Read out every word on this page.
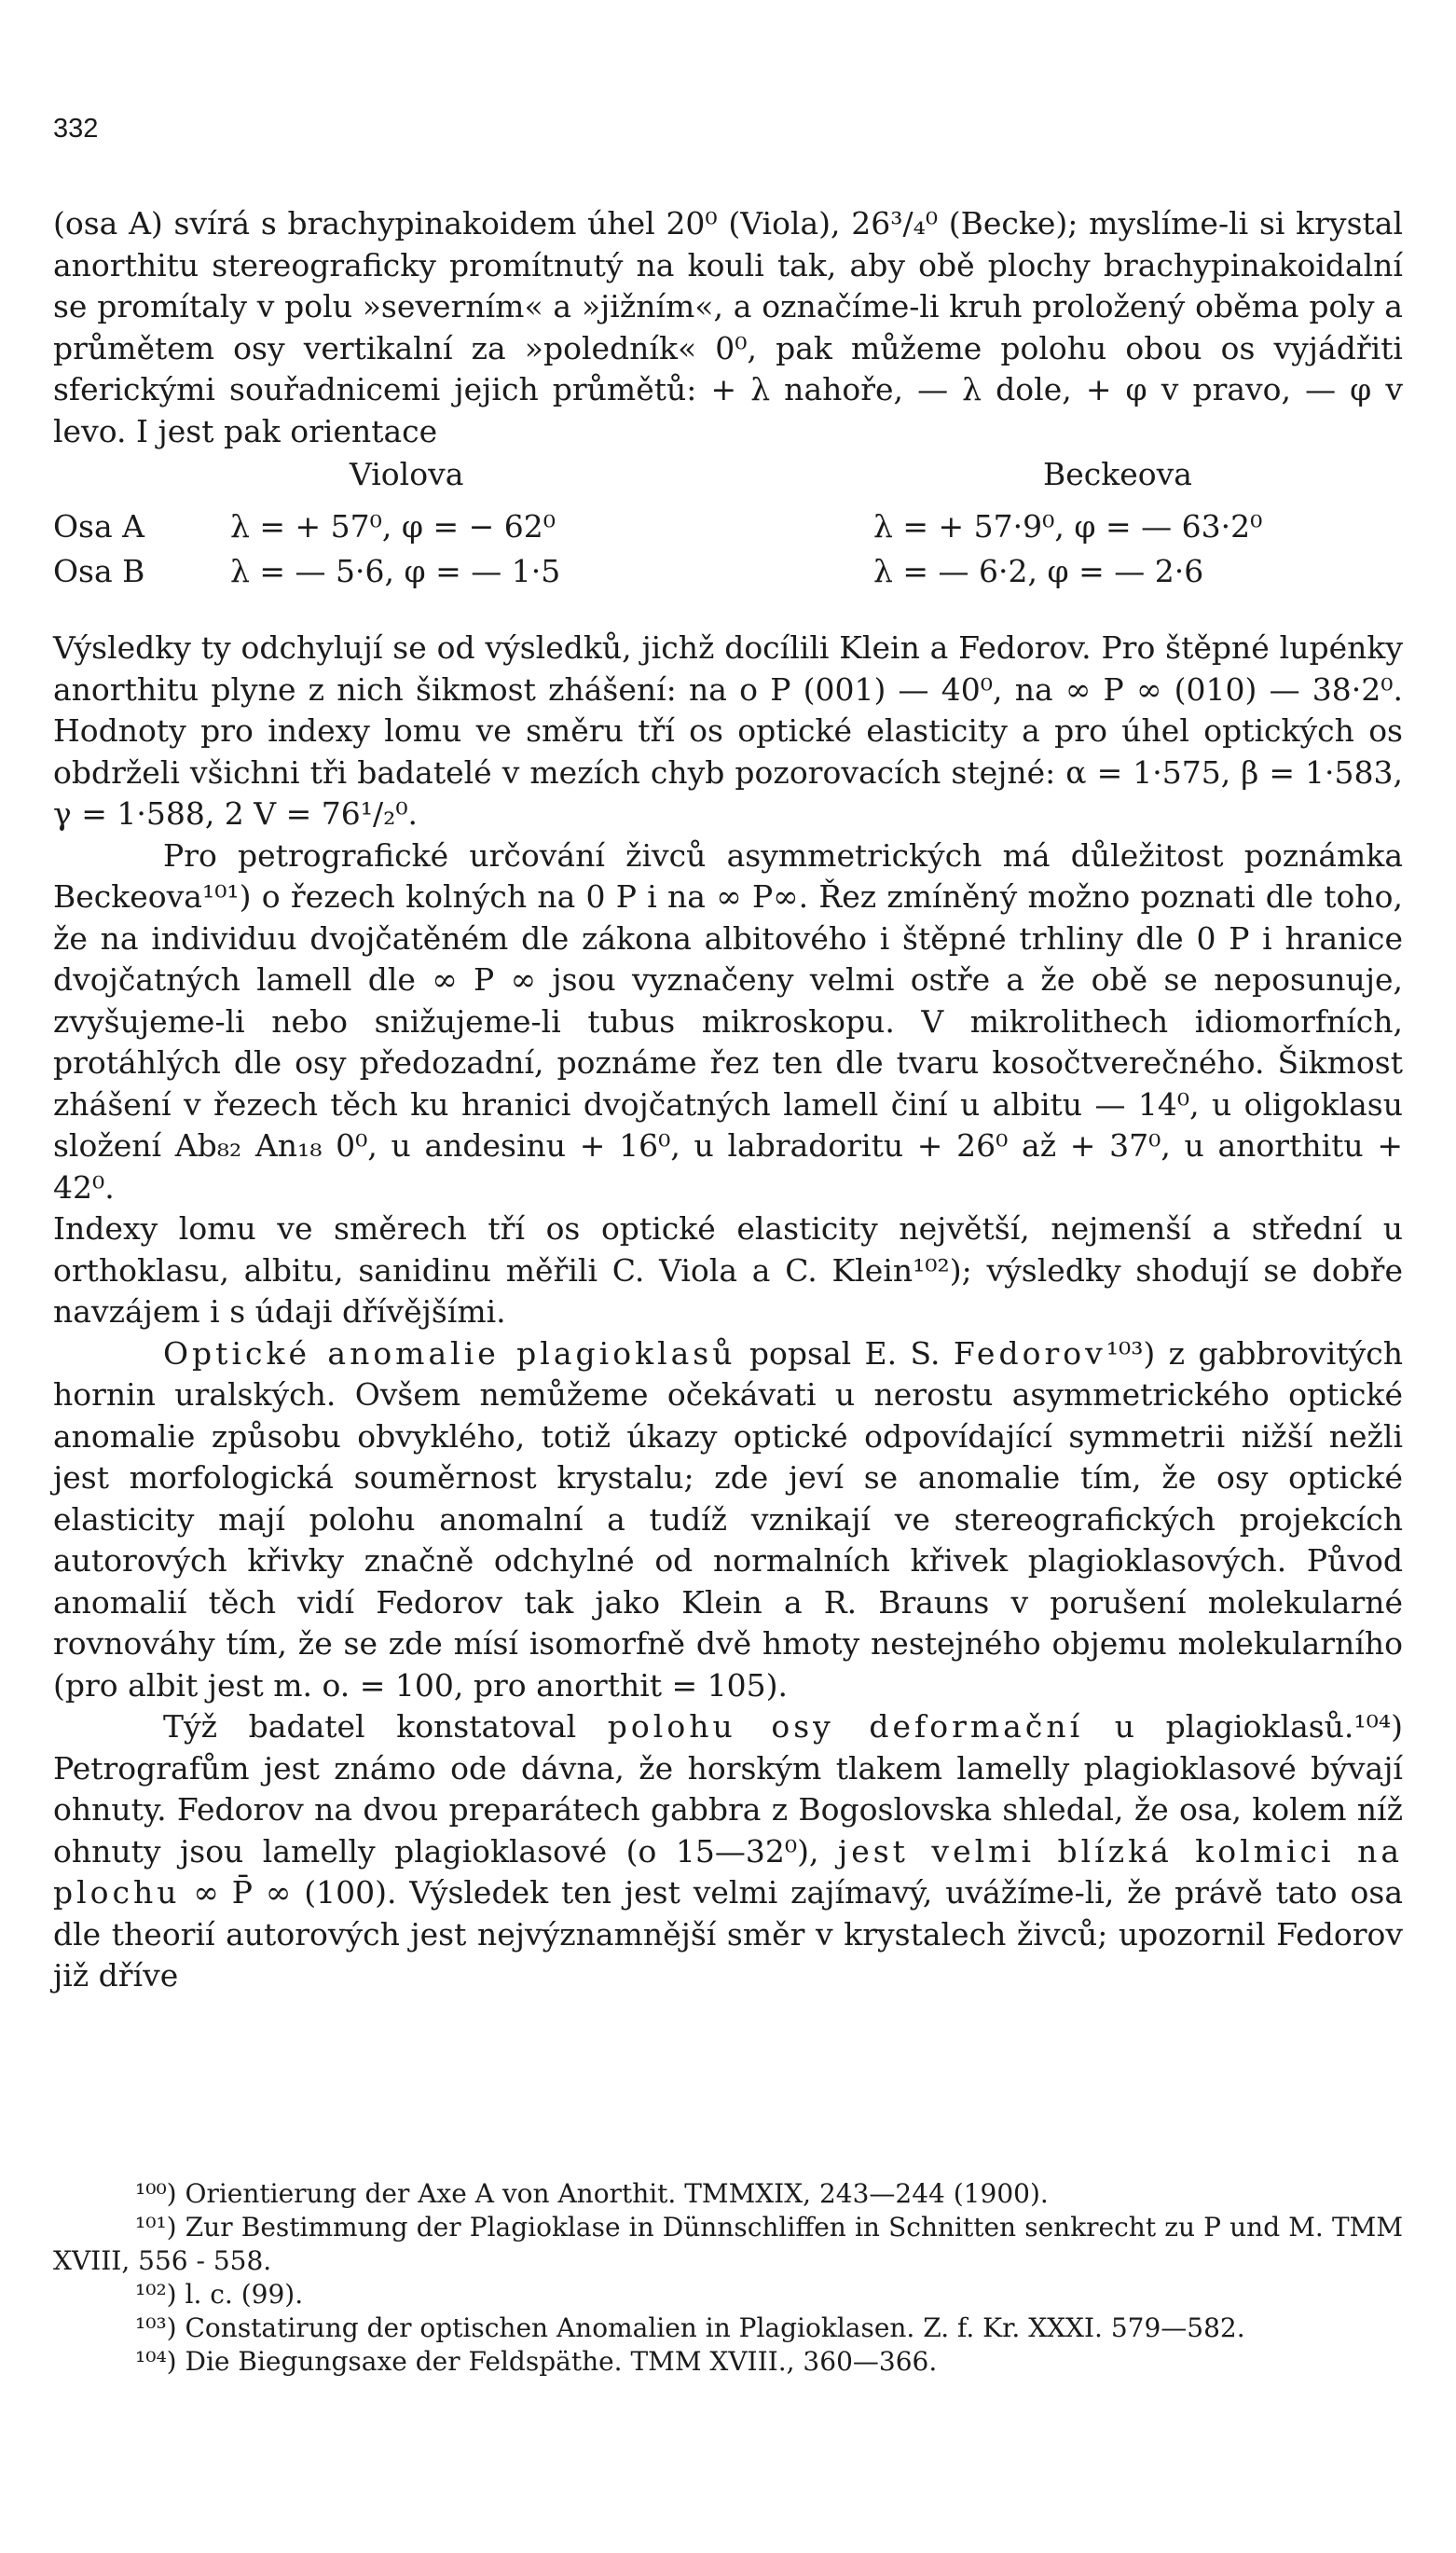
332

(osa A) svírá s brachypinakoidem úhel 20⁰ (Viola), 26³/₄⁰ (Becke); myslíme-li si krystal anorthitu stereograficky promítnutý na kouli tak, aby obě plochy brachypinakoidalní se promítaly v polu »severním« a »jižním«, a označíme-li kruh proložený oběma poly a průmětem osy vertikalní za »poledník« 0⁰, pak můžeme polohu obou os vyjádřiti sferickými souřadnicemi jejich průmětů: + λ nahoře, — λ dole, + φ v pravo, — φ v levo. I jest pak orientace

Violova	Beckeova
Osa A	λ = + 57⁰, φ = − 62⁰	λ = + 57·9⁰, φ = — 63·2⁰
Osa B	λ = — 5·6, φ = — 1·5	λ = — 6·2, φ = — 2·6

Výsledky ty odchylují se od výsledků, jichž docílili Klein a Fedorov. Pro štěpné lupénky anorthitu plyne z nich šikmost zhášení: na o P (001) — 40⁰, na ∞ P ∞ (010) — 38·2⁰. Hodnoty pro indexy lomu ve směru tří os optické elasticity a pro úhel optických os obdrželi všichni tři badatelé v mezích chyb pozorovacích stejné: α = 1·575, β = 1·583, γ = 1·588, 2 V = 76¹/₂⁰.

Pro petrografické určování živců asymmetrických má důležitost poznámka Beckeova¹⁰¹) o řezech kolných na 0 P i na ∞ P∞. Řez zmíněný možno poznati dle toho, že na individuu dvojčatěném dle zákona albitového i štěpné trhliny dle 0 P i hranice dvojčatných lamell dle ∞ P ∞ jsou vyznačeny velmi ostře a že obě se neposunuje, zvyšujeme-li nebo snižujeme-li tubus mikroskopu. V mikrolithech idiomorfních, protáhlých dle osy předozadní, poznáme řez ten dle tvaru kosočtverečného. Šikmost zhášení v řezech těch ku hranici dvojčatných lamell činí u albitu — 14⁰, u oligoklasu složení Ab₈₂ An₁₈ 0⁰, u andesinu + 16⁰, u labradoritu + 26⁰ až + 37⁰, u anorthitu + 42⁰.

Indexy lomu ve směrech tří os optické elasticity největší, nejmenší a střední u orthoklasu, albitu, sanidinu měřili C. Viola a C. Klein¹⁰²); výsledky shodují se dobře navzájem i s údaji dřívějšími.

Optické anomalie plagioklasů popsal E. S. Fedorov¹⁰³) z gabbrovitých hornin uralských. Ovšem nemůžeme očekávati u nerostu asymmetrického optické anomalie způsobu obvyklého, totiž úkazy optické odpovídající symmetrii nižší nežli jest morfologická souměrnost krystalu; zde jeví se anomalie tím, že osy optické elasticity mají polohu anomalní a tudíž vznikají ve stereografických projekcích autorových křivky značně odchylné od normalních křivek plagioklasových. Původ anomalií těch vidí Fedorov tak jako Klein a R. Brauns v porušení molekularné rovnováhy tím, že se zde mísí isomorfně dvě hmoty nestejného objemu molekularního (pro albit jest m. o. = 100, pro anorthit = 105).

Týž badatel konstatoval polohu osy deformační u plagioklasů.¹⁰⁴) Petrografům jest známo ode dávna, že horským tlakem lamelly plagioklasové bývají ohnuty. Fedorov na dvou preparátech gabbra z Bogoslovska shledal, že osa, kolem níž ohnuty jsou lamelly plagioklasové (o 15—32⁰), jest velmi blízká kolmici na plochu ∞ P̄ ∞ (100). Výsledek ten jest velmi zajímavý, uvážíme-li, že právě tato osa dle theorií autorových jest nejvýznamnější směr v krystalech živců; upozornil Fedorov již dříve

¹⁰⁰) Orientierung der Axe A von Anorthit. TMMXIX, 243—244 (1900).

¹⁰¹) Zur Bestimmung der Plagioklase in Dünnschliffen in Schnitten senkrecht zu P und M. TMM XVIII, 556 - 558.

¹⁰²) l. c. (99).

¹⁰³) Constatirung der optischen Anomalien in Plagioklasen. Z. f. Kr. XXXI. 579—582.

¹⁰⁴) Die Biegungsaxe der Feldspäthe. TMM XVIII., 360—366.
